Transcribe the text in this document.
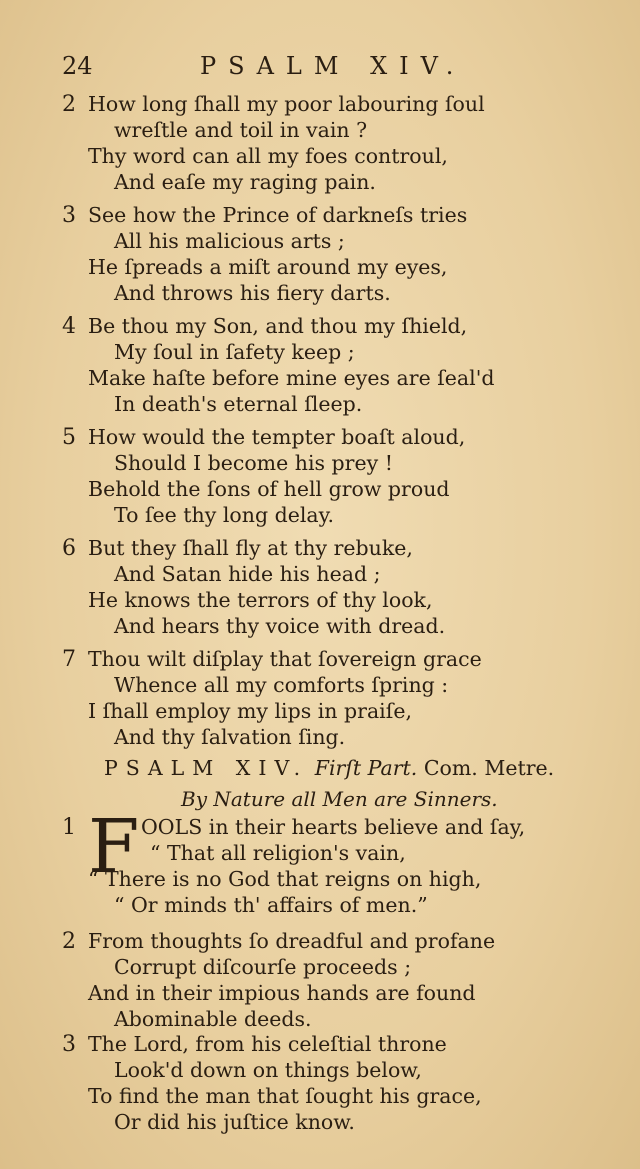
24	PSALM XIV.
2 How long ſhall my poor labouring ſoul
wreſtle and toil in vain ?
Thy word can all my foes controul,
And eaſe my raging pain.
3 See how the Prince of darkneſs tries
All his malicious arts ;
He ſpreads a miſt around my eyes,
And throws his fiery darts.
4 Be thou my Son, and thou my ſhield,
My ſoul in ſafety keep ;
Make haſte before mine eyes are ſeal'd
In death's eternal ſleep.
5 How would the tempter boaſt aloud,
Should I become his prey !
Behold the ſons of hell grow proud
To ſee thy long delay.
6 But they ſhall fly at thy rebuke,
And Satan hide his head ;
He knows the terrors of thy look,
And hears thy voice with dread.
7 Thou wilt diſplay that ſovereign grace
Whence all my comforts ſpring :
I ſhall employ my lips in praiſe,
And thy ſalvation ſing.
PSALM XIV. Firſt Part. Com. Metre.
By Nature all Men are Sinners.
1 F OOLS in their hearts believe and ſay,
“ That all religion's vain,
“ There is no God that reigns on high,
“ Or minds th' affairs of men.”
2 From thoughts ſo dreadful and profane
Corrupt diſcourſe proceeds ;
And in their impious hands are found
Abominable deeds.
3 The Lord, from his celeſtial throne
Look'd down on things below,
To find the man that ſought his grace,
Or did his juſtice know.
